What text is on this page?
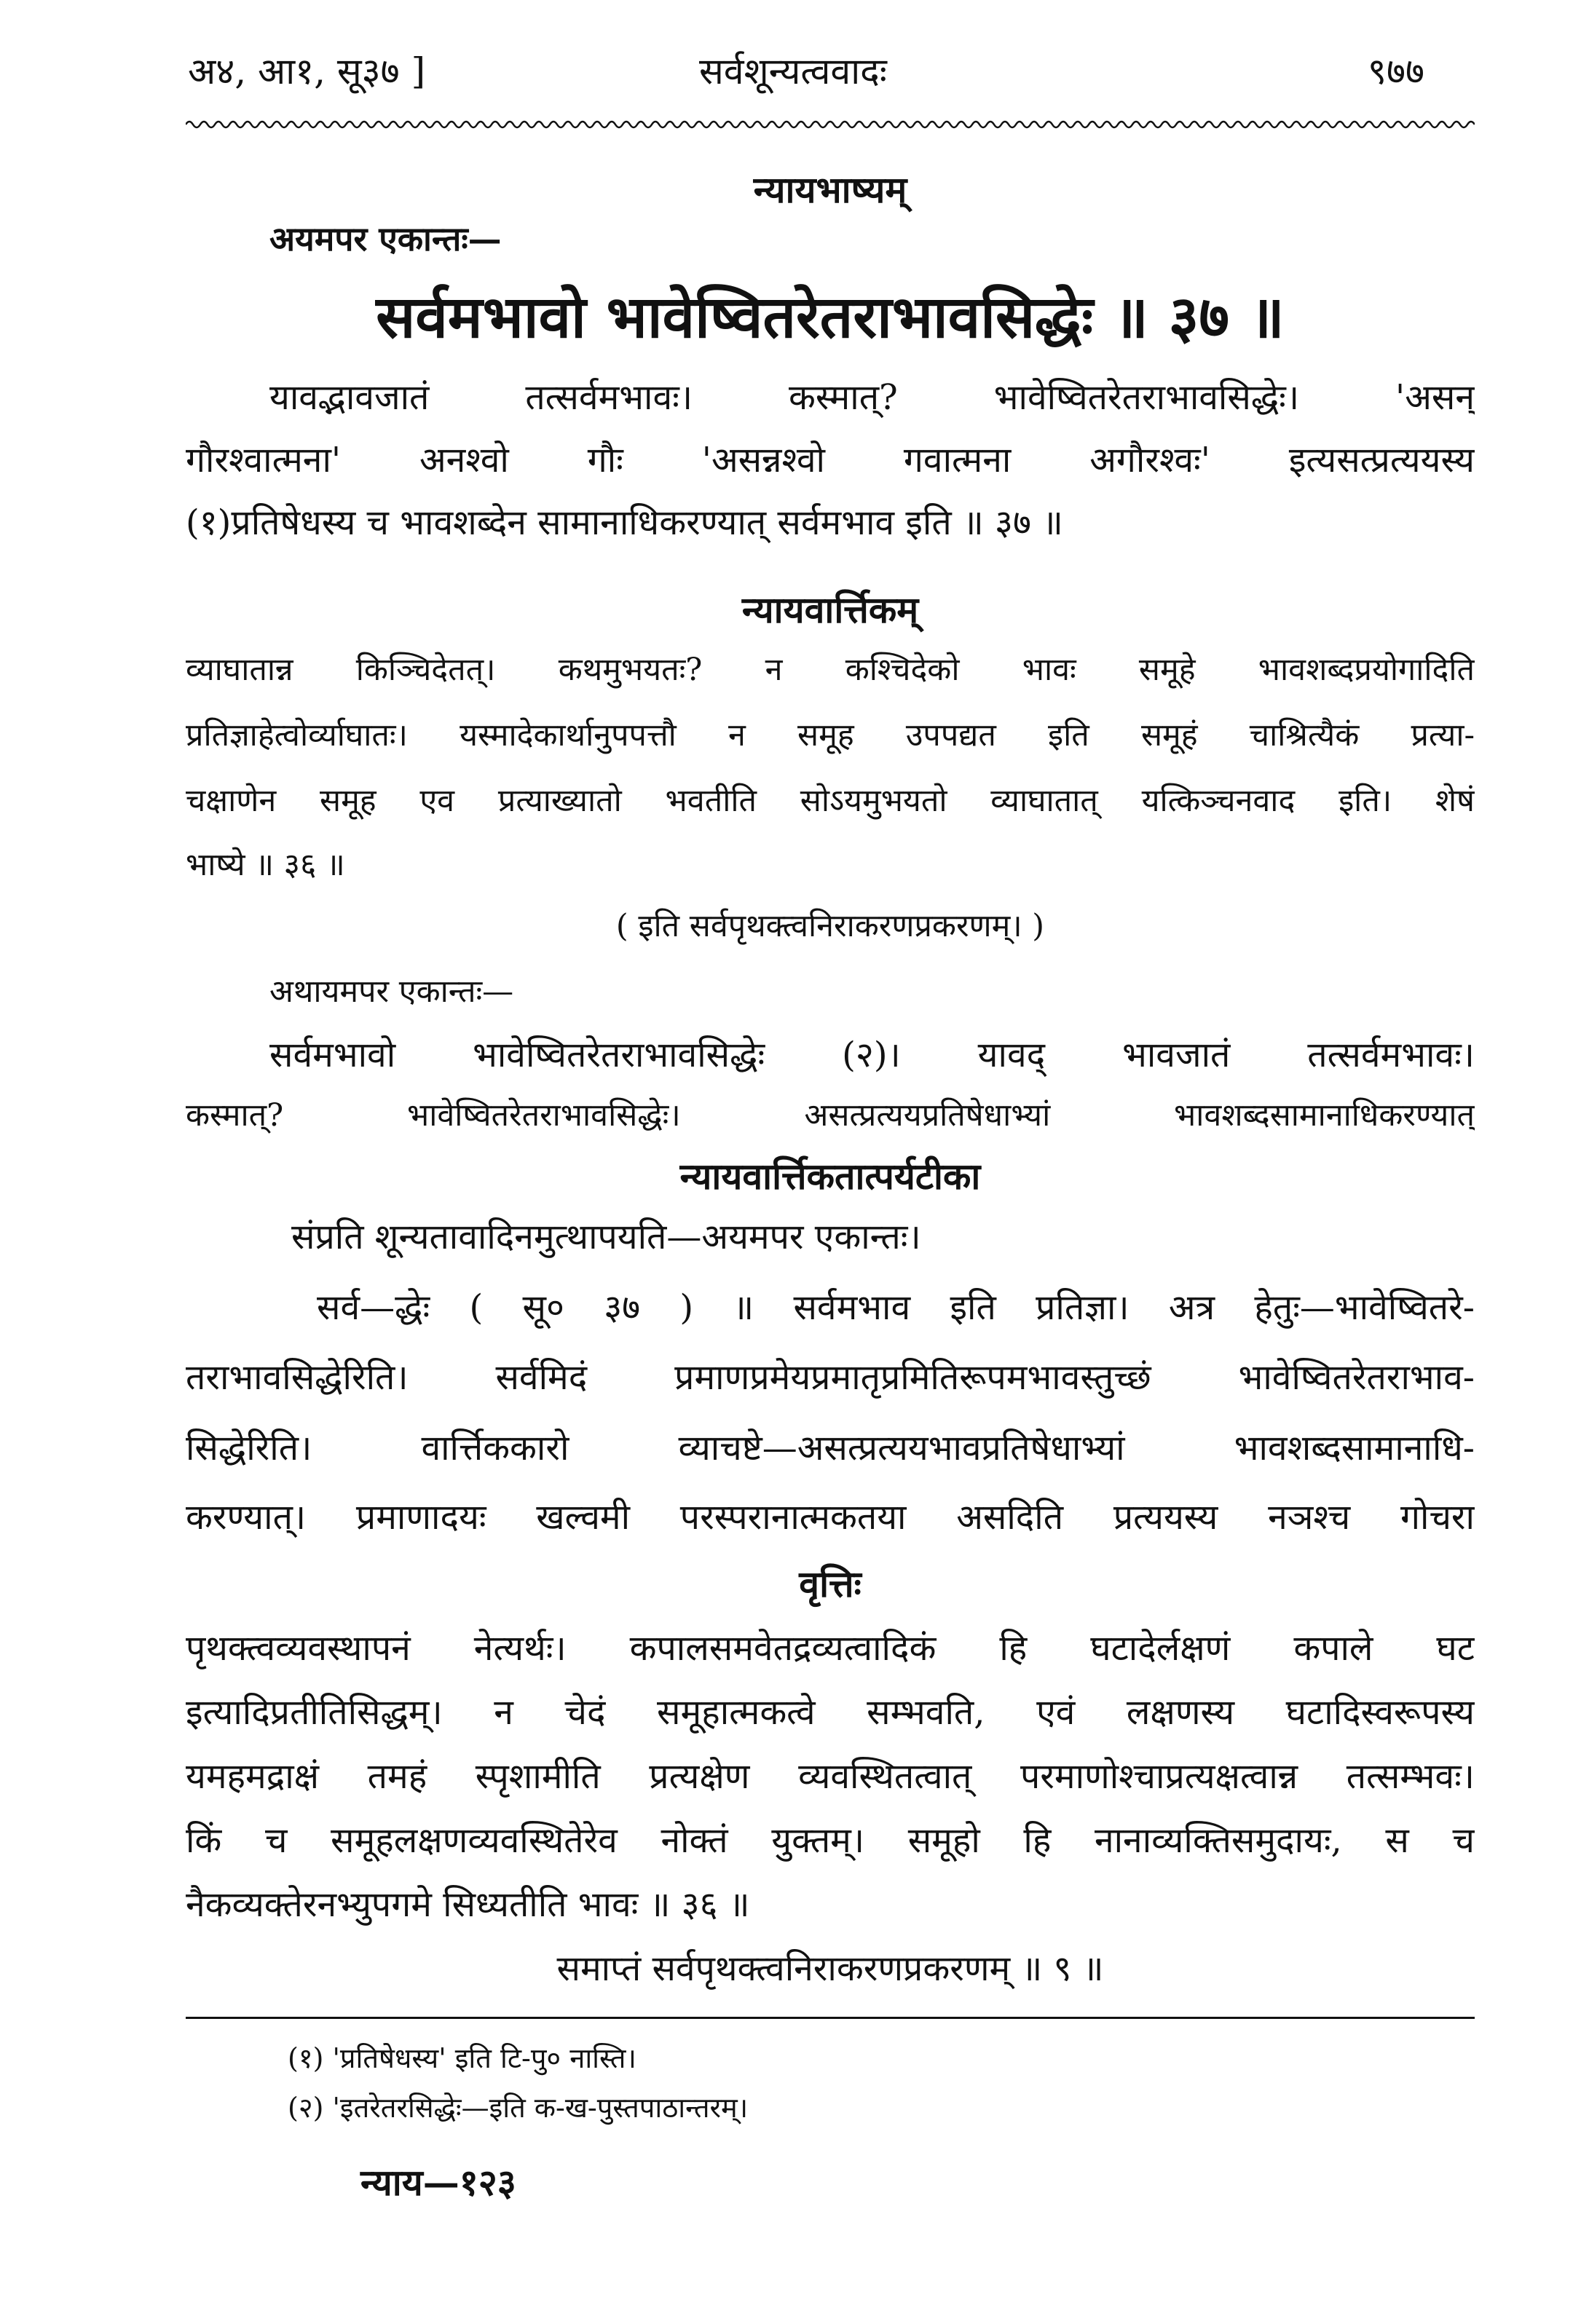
अ४, आ१, सू३७ ]	सर्वशून्यत्ववादः	९७७
न्यायभाष्यम्
अयमपर एकान्तः—
सर्वमभावो भावेष्वितरेतराभावसिद्धेः ॥ ३७ ॥
यावद्भावजातं तत्सर्वमभावः। कस्मात्? भावेष्वितरेतराभावसिद्धेः। 'असन्
गौरश्वात्मना' अनश्वो गौः 'असन्नश्वो गवात्मना अगौरश्वः' इत्यसत्प्रत्ययस्य
(१)प्रतिषेधस्य च भावशब्देन सामानाधिकरण्यात् सर्वमभाव इति ॥ ३७ ॥
न्यायवार्त्तिकम्
व्याघातान्न किञ्चिदेतत्। कथमुभयतः? न कश्चिदेको भावः समूहे भावशब्दप्रयोगादिति
प्रतिज्ञाहेत्वोर्व्याघातः। यस्मादेकार्थानुपपत्तौ न समूह उपपद्यत इति समूहं चाश्रित्यैकं प्रत्या-
चक्षाणेन समूह एव प्रत्याख्यातो भवतीति सोऽयमुभयतो व्याघातात् यत्किञ्चनवाद इति। शेषं
भाष्ये ॥ ३६ ॥
( इति सर्वपृथक्त्वनिराकरणप्रकरणम्। )
अथायमपर एकान्तः—
सर्वमभावो भावेष्वितरेतराभावसिद्धेः (२)। यावद् भावजातं तत्सर्वमभावः।
कस्मात्? भावेष्वितरेतराभावसिद्धेः। असत्प्रत्ययप्रतिषेधाभ्यां भावशब्दसामानाधिकरण्यात्
न्यायवार्त्तिकतात्पर्यटीका
संप्रति शून्यतावादिनमुत्थापयति—अयमपर एकान्तः।
सर्व—द्धेः ( सू० ३७ ) ॥ सर्वमभाव इति प्रतिज्ञा। अत्र हेतुः—भावेष्वितरे-
तराभावसिद्धेरिति। सर्वमिदं प्रमाणप्रमेयप्रमातृप्रमितिरूपमभावस्तुच्छं भावेष्वितरेतराभाव-
सिद्धेरिति। वार्त्तिककारो व्याचष्टे—असत्प्रत्ययभावप्रतिषेधाभ्यां भावशब्दसामानाधि-
करण्यात्। प्रमाणादयः खल्वमी परस्परानात्मकतया असदिति प्रत्ययस्य नञश्च गोचरा
वृत्तिः
पृथक्त्वव्यवस्थापनं नेत्यर्थः। कपालसमवेतद्रव्यत्वादिकं हि घटादेर्लक्षणं कपाले घट
इत्यादिप्रतीतिसिद्धम्। न चेदं समूहात्मकत्वे सम्भवति, एवं लक्षणस्य घटादिस्वरूपस्य
यमहमद्राक्षं तमहं स्पृशामीति प्रत्यक्षेण व्यवस्थितत्वात् परमाणोश्चाप्रत्यक्षत्वान्न तत्सम्भवः।
किं च समूहलक्षणव्यवस्थितेरेव नोक्तं युक्तम्। समूहो हि नानाव्यक्तिसमुदायः, स च
नैकव्यक्तेरनभ्युपगमे सिध्यतीति भावः ॥ ३६ ॥
समाप्तं सर्वपृथक्त्वनिराकरणप्रकरणम् ॥ ९ ॥
(१) 'प्रतिषेधस्य' इति टि-पु० नास्ति।
(२) 'इतरेतरसिद्धेः—इति क-ख-पुस्तपाठान्तरम्।
न्याय—१२३
